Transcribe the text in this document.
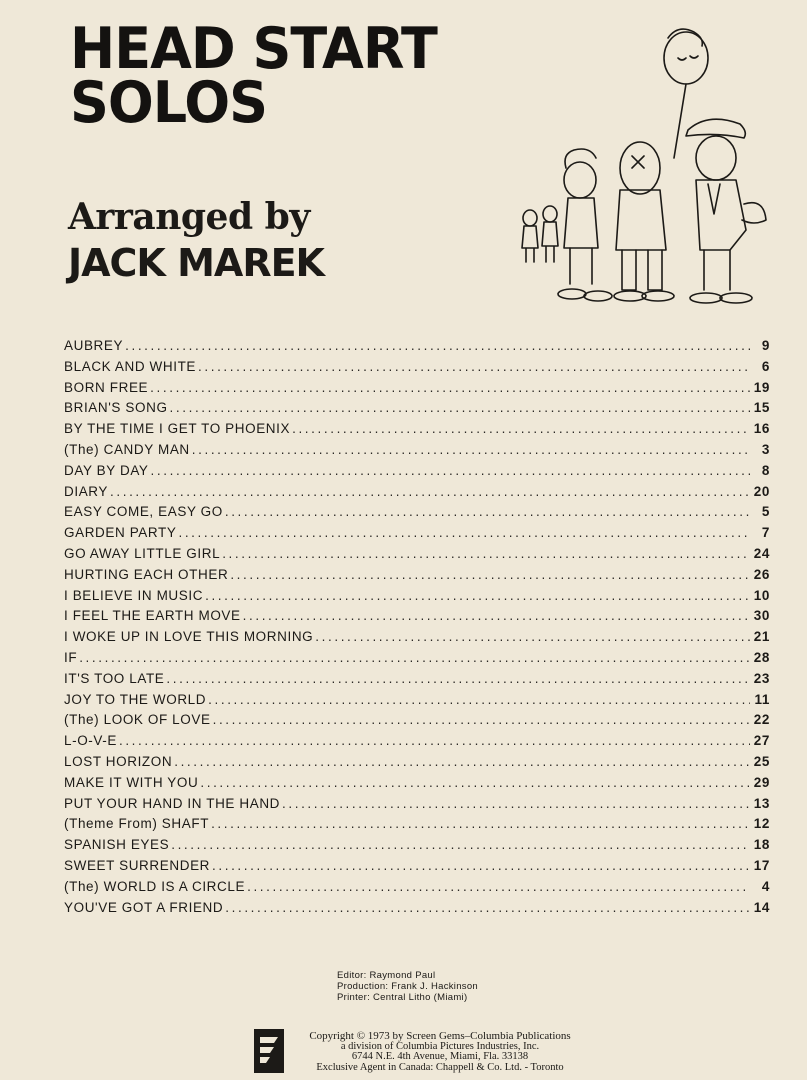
HEAD START
SOLOS
Arranged by
JACK MAREK
AUBREY .....	9
BLACK AND WHITE .....	6
BORN FREE .....	19
BRIAN'S SONG .....	15
BY THE TIME I GET TO PHOENIX .....	16
(The) CANDY MAN .....	3
DAY BY DAY .....	8
DIARY .....	20
EASY COME, EASY GO .....	5
GARDEN PARTY .....	7
GO AWAY LITTLE GIRL .....	24
HURTING EACH OTHER .....	26
I BELIEVE IN MUSIC .....	10
I FEEL THE EARTH MOVE .....	30
I WOKE UP IN LOVE THIS MORNING .....	21
IF .....	28
IT'S TOO LATE .....	23
JOY TO THE WORLD .....	11
(The) LOOK OF LOVE .....	22
L-O-V-E .....	27
LOST HORIZON .....	25
MAKE IT WITH YOU .....	29
PUT YOUR HAND IN THE HAND .....	13
(Theme From) SHAFT .....	12
SPANISH EYES .....	18
SWEET SURRENDER .....	17
(The) WORLD IS A CIRCLE .....	4
YOU'VE GOT A FRIEND .....	14
Editor: Raymond Paul
Production: Frank J. Hackinson
Printer: Central Litho (Miami)
Copyright © 1973 by Screen Gems–Columbia Publications
a division of Columbia Pictures Industries, Inc.
6744 N.E. 4th Avenue, Miami, Fla. 33138
Exclusive Agent in Canada: Chappell & Co. Ltd. - Toronto
